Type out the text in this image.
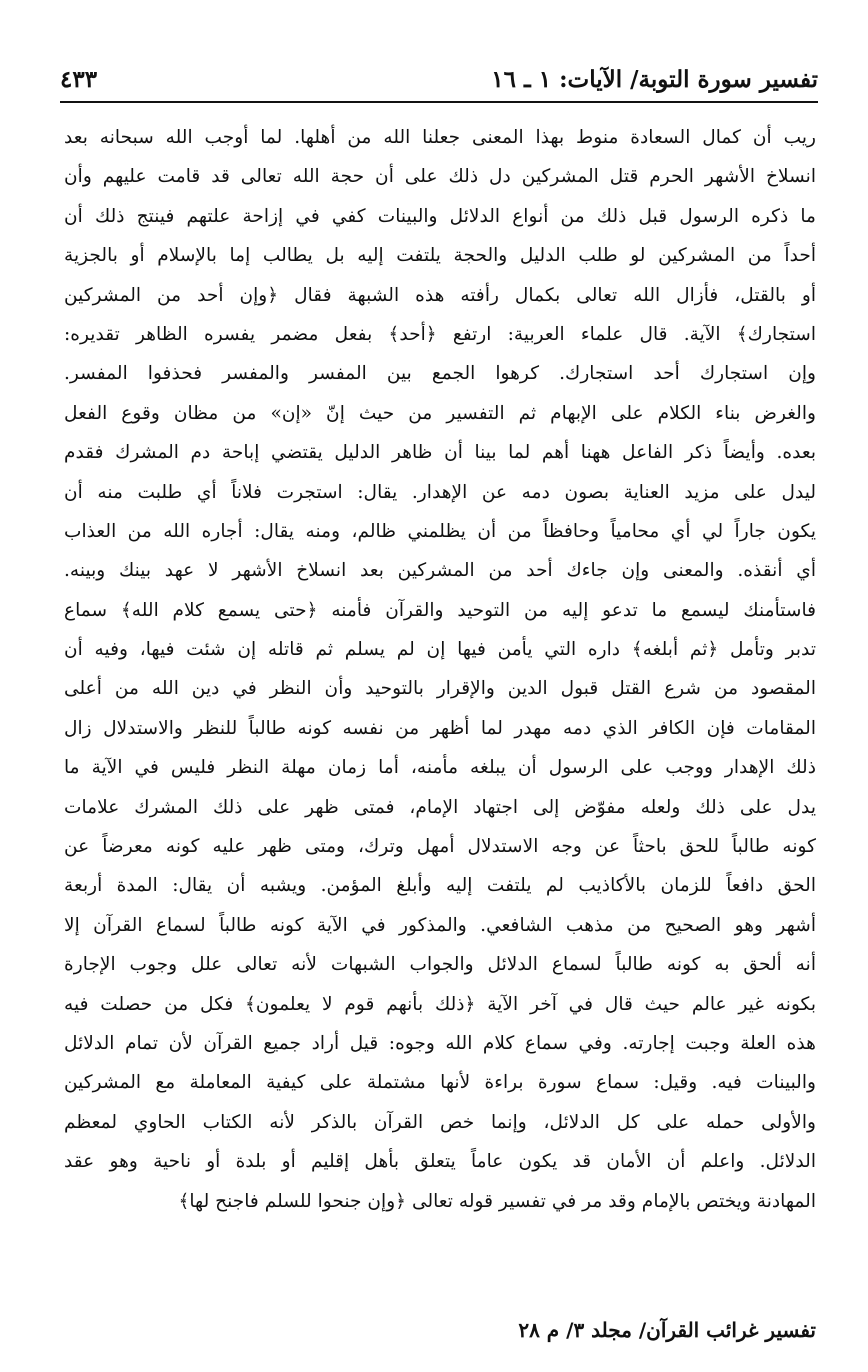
تفسير سورة التوبة/ الآيات: ١ ـ ١٦
٤٣٣
ريب أن كمال السعادة منوط بهذا المعنى جعلنا الله من أهلها. لما أوجب الله سبحانه بعد
انسلاخ الأشهر الحرم قتل المشركين دل ذلك على أن حجة الله تعالى قد قامت عليهم وأن
ما ذكره الرسول قبل ذلك من أنواع الدلائل والبينات كفي في إزاحة علتهم فينتج ذلك أن
أحداً من المشركين لو طلب الدليل والحجة يلتفت إليه بل يطالب إما بالإسلام أو بالجزية
أو بالقتل، فأزال الله تعالى بكمال رأفته هذه الشبهة فقال ﴿وإن أحد من المشركين
استجارك﴾ الآية. قال علماء العربية: ارتفع ﴿أحد﴾ بفعل مضمر يفسره الظاهر تقديره:
وإن استجارك أحد استجارك. كرهوا الجمع بين المفسر والمفسر فحذفوا المفسر.
والغرض بناء الكلام على الإبهام ثم التفسير من حيث إنّ «إن» من مظان وقوع الفعل
بعده. وأيضاً ذكر الفاعل ههنا أهم لما بينا أن ظاهر الدليل يقتضي إباحة دم المشرك فقدم
ليدل على مزيد العناية بصون دمه عن الإهدار. يقال: استجرت فلاناً أي طلبت منه أن
يكون جاراً لي أي محامياً وحافظاً من أن يظلمني ظالم، ومنه يقال: أجاره الله من العذاب
أي أنقذه. والمعنى وإن جاءك أحد من المشركين بعد انسلاخ الأشهر لا عهد بينك وبينه.
فاستأمنك ليسمع ما تدعو إليه من التوحيد والقرآن فأمنه ﴿حتى يسمع كلام الله﴾ سماع
تدبر وتأمل ﴿ثم أبلغه﴾ داره التي يأمن فيها إن لم يسلم ثم قاتله إن شئت فيها، وفيه أن
المقصود من شرع القتل قبول الدين والإقرار بالتوحيد وأن النظر في دين الله من أعلى
المقامات فإن الكافر الذي دمه مهدر لما أظهر من نفسه كونه طالباً للنظر والاستدلال زال
ذلك الإهدار ووجب على الرسول أن يبلغه مأمنه، أما زمان مهلة النظر فليس في الآية ما
يدل على ذلك ولعله مفوّض إلى اجتهاد الإمام، فمتى ظهر على ذلك المشرك علامات
كونه طالباً للحق باحثاً عن وجه الاستدلال أمهل وترك، ومتى ظهر عليه كونه معرضاً عن
الحق دافعاً للزمان بالأكاذيب لم يلتفت إليه وأبلغ المؤمن. ويشبه أن يقال: المدة أربعة
أشهر وهو الصحيح من مذهب الشافعي. والمذكور في الآية كونه طالباً لسماع القرآن إلا
أنه ألحق به كونه طالباً لسماع الدلائل والجواب الشبهات لأنه تعالى علل وجوب الإجارة
بكونه غير عالم حيث قال في آخر الآية ﴿ذلك بأنهم قوم لا يعلمون﴾ فكل من حصلت فيه
هذه العلة وجبت إجارته. وفي سماع كلام الله وجوه: قيل أراد جميع القرآن لأن تمام الدلائل
والبينات فيه. وقيل: سماع سورة براءة لأنها مشتملة على كيفية المعاملة مع المشركين
والأولى حمله على كل الدلائل، وإنما خص القرآن بالذكر لأنه الكتاب الحاوي لمعظم
الدلائل. واعلم أن الأمان قد يكون عاماً يتعلق بأهل إقليم أو بلدة أو ناحية وهو عقد
المهادنة ويختص بالإمام وقد مر في تفسير قوله تعالى ﴿وإن جنحوا للسلم فاجنح لها﴾
تفسير غرائب القرآن/ مجلد ٣/ م ٢٨
